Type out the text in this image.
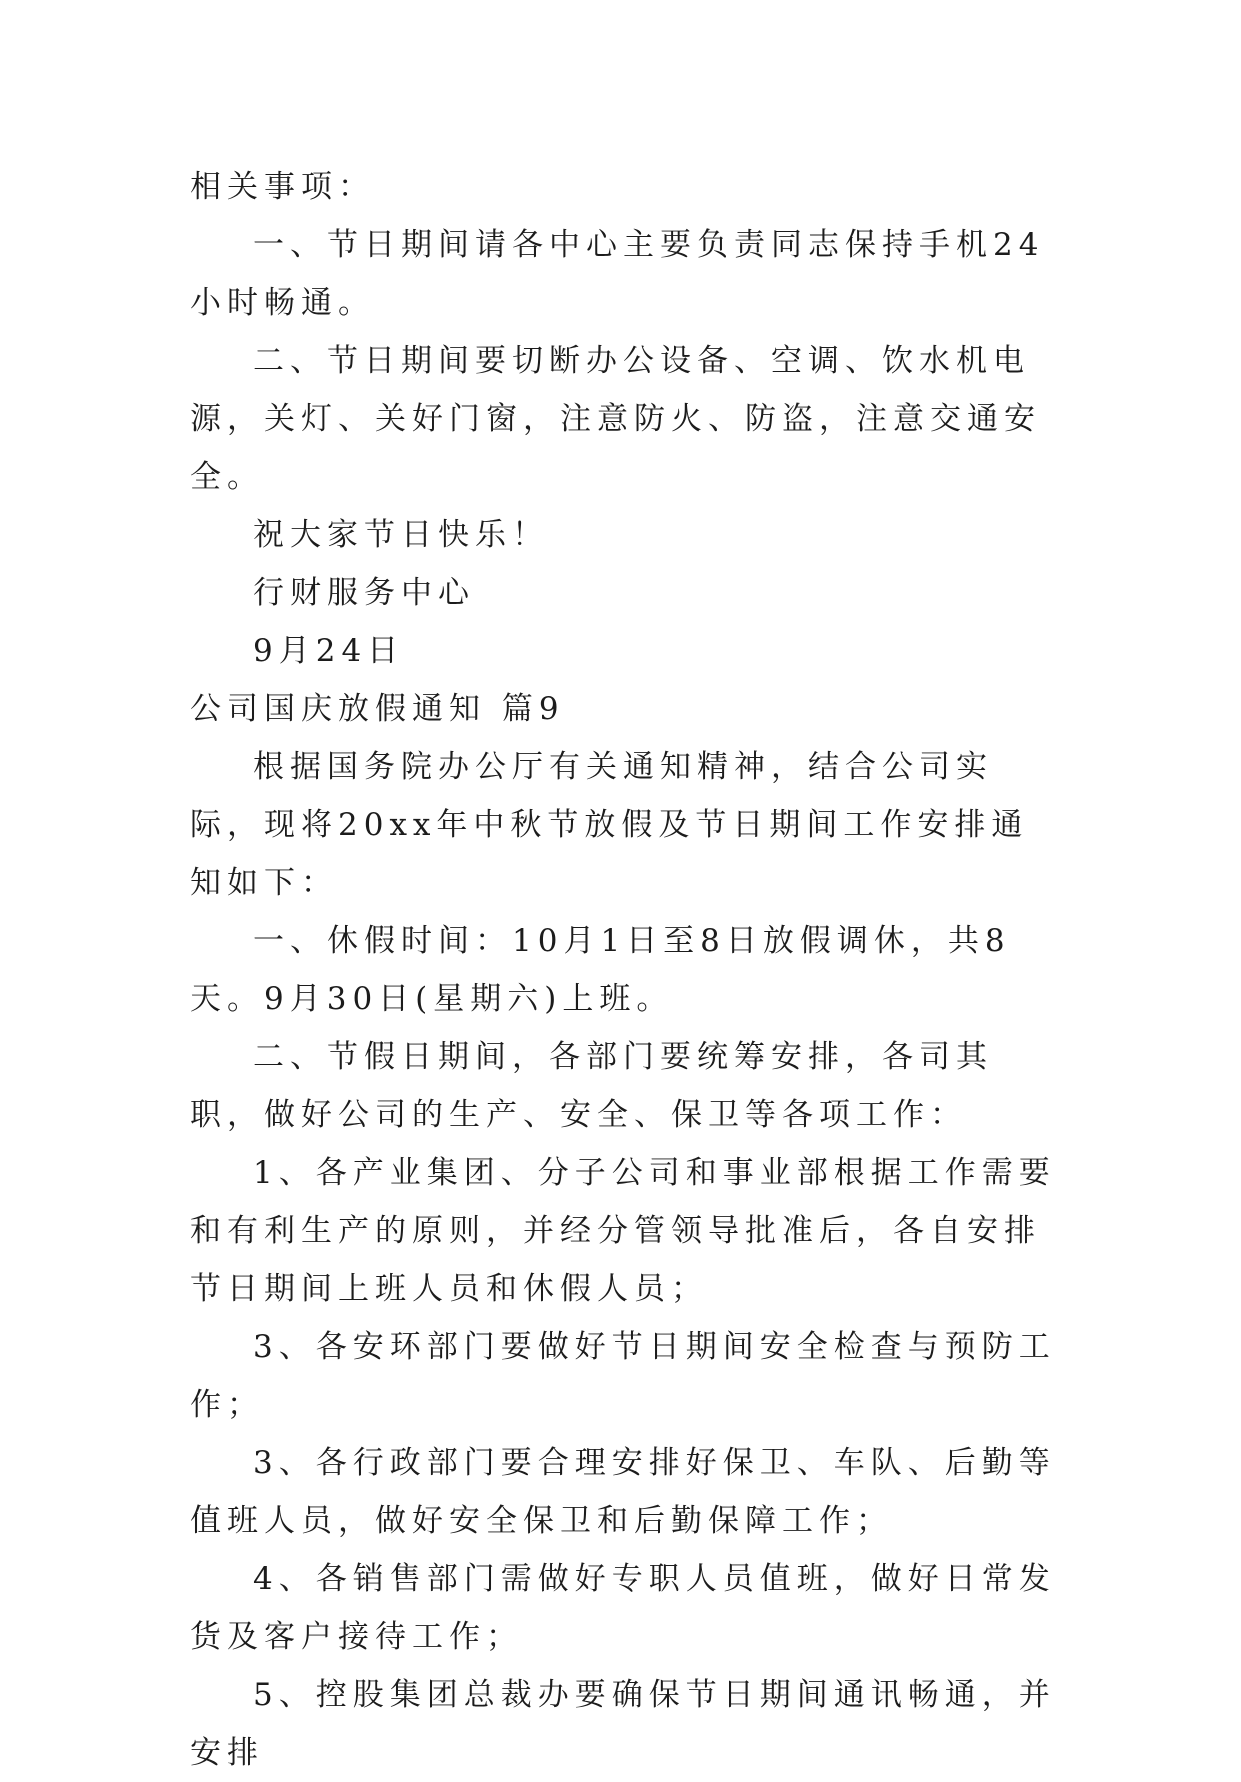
相关事项：

一、节日期间请各中心主要负责同志保持手机24小时畅通。

二、节日期间要切断办公设备、空调、饮水机电源，关灯、关好门窗，注意防火、防盗，注意交通安全。

祝大家节日快乐！

行财服务中心

9月24日

公司国庆放假通知 篇9

根据国务院办公厅有关通知精神，结合公司实际，现将20xx年中秋节放假及节日期间工作安排通知如下：

一、休假时间：10月1日至8日放假调休，共8天。9月30日(星期六)上班。

二、节假日期间，各部门要统筹安排，各司其职，做好公司的生产、安全、保卫等各项工作：

1、各产业集团、分子公司和事业部根据工作需要和有利生产的原则，并经分管领导批准后，各自安排节日期间上班人员和休假人员；

3、各安环部门要做好节日期间安全检查与预防工作；

3、各行政部门要合理安排好保卫、车队、后勤等值班人员，做好安全保卫和后勤保障工作；

4、各销售部门需做好专职人员值班，做好日常发货及客户接待工作；

5、控股集团总裁办要确保节日期间通讯畅通，并安排
